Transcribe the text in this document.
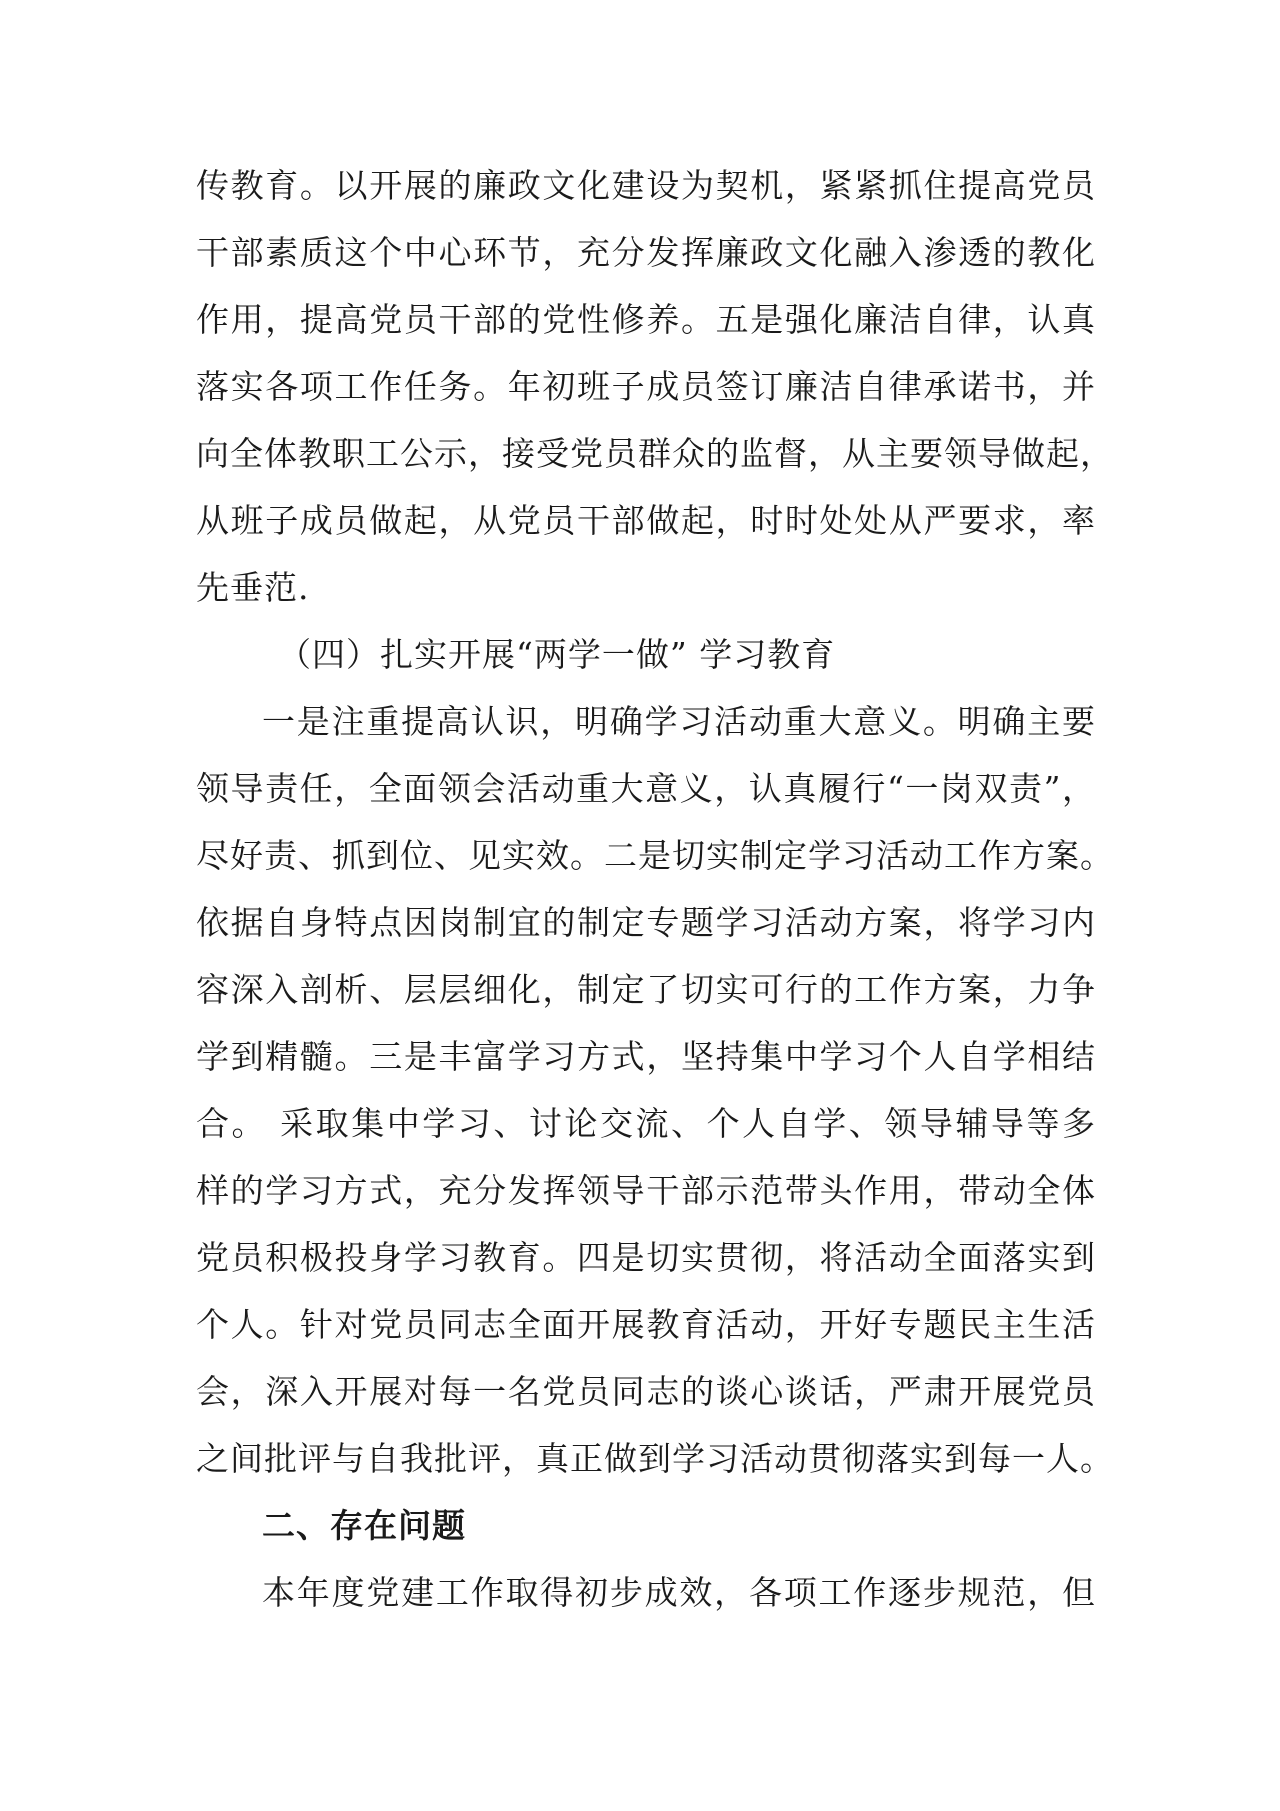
传教育。以开展的廉政文化建设为契机，紧紧抓住提高党员
干部素质这个中心环节，充分发挥廉政文化融入渗透的教化
作用，提高党员干部的党性修养。五是强化廉洁自律，认真
落实各项工作任务。年初班子成员签订廉洁自律承诺书，并
向全体教职工公示，接受党员群众的监督，从主要领导做起，
从班子成员做起，从党员干部做起，时时处处从严要求，率
先垂范.
（四）扎实开展“两学一做” 学习教育
一是注重提高认识，明确学习活动重大意义。明确主要
领导责任，全面领会活动重大意义，认真履行“一岗双责”，
尽好责、抓到位、见实效。二是切实制定学习活动工作方案。
依据自身特点因岗制宜的制定专题学习活动方案，将学习内
容深入剖析、层层细化，制定了切实可行的工作方案，力争
学到精髓。三是丰富学习方式，坚持集中学习个人自学相结
合。 采取集中学习、讨论交流、个人自学、领导辅导等多
样的学习方式，充分发挥领导干部示范带头作用，带动全体
党员积极投身学习教育。四是切实贯彻，将活动全面落实到
个人。针对党员同志全面开展教育活动，开好专题民主生活
会，深入开展对每一名党员同志的谈心谈话，严肃开展党员
之间批评与自我批评，真正做到学习活动贯彻落实到每一人。
二、存在问题
本年度党建工作取得初步成效，各项工作逐步规范，但
